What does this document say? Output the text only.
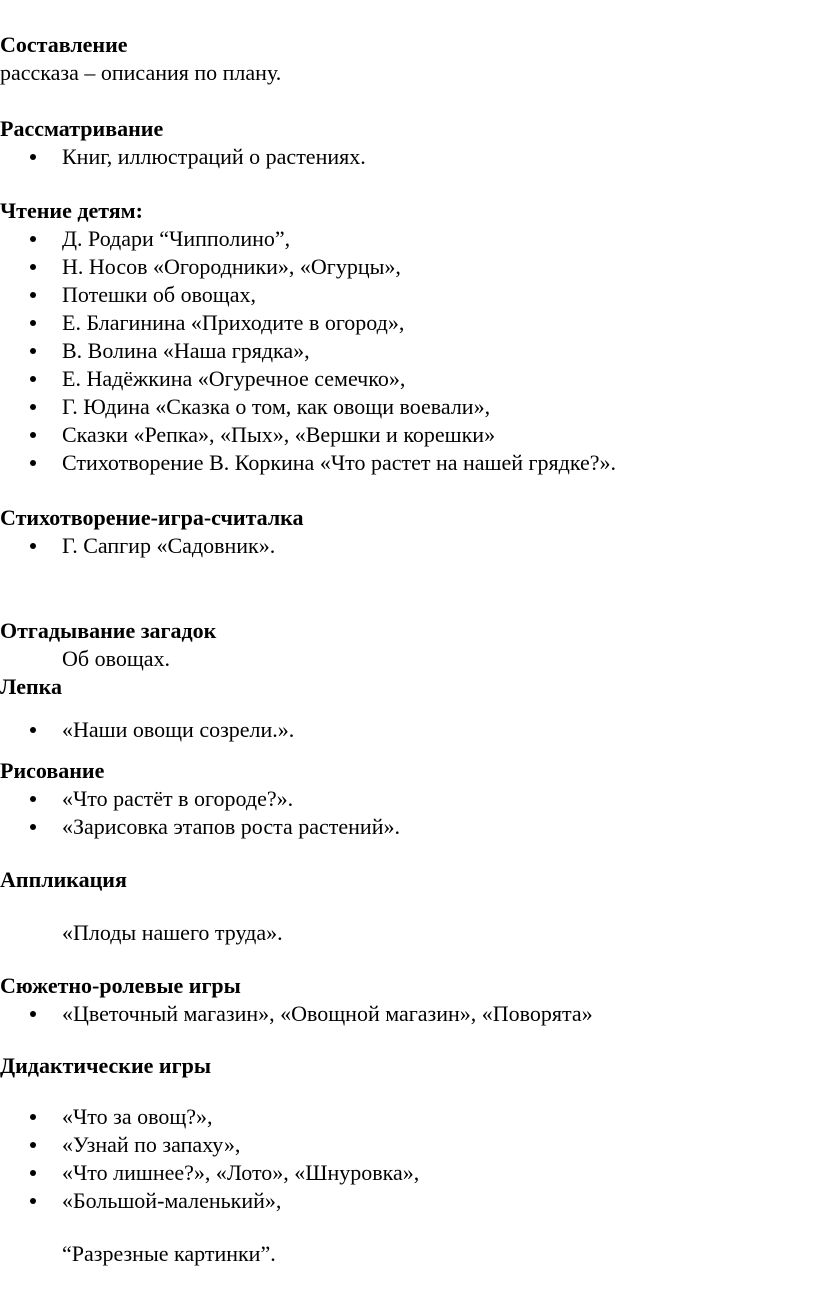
Составление
рассказа – описания по плану.
Рассматривание
Книг, иллюстраций о растениях.
Чтение детям:
Д. Родари “Чипполино”,
Н. Носов «Огородники», «Огурцы»,
Потешки об овощах,
Е. Благинина «Приходите в огород»,
В. Волина «Наша грядка»,
Е. Надёжкина «Огуречное семечко»,
Г. Юдина «Сказка о том, как овощи воевали»,
Сказки «Репка», «Пых», «Вершки и корешки»
Стихотворение В. Коркина «Что растет на нашей грядке?».
Стихотворение-игра-считалка
Г. Сапгир «Садовник».
Отгадывание загадок
Об овощах.
Лепка
«Наши овощи созрели.».
Рисование
«Что растёт в огороде?».
«Зарисовка этапов роста растений».
Аппликация
«Плоды нашего труда».
Сюжетно-ролевые игры
«Цветочный магазин», «Овощной магазин», «Поворята»
Дидактические игры
«Что за овощ?»,
«Узнай по запаху»,
«Что лишнее?», «Лото», «Шнуровка»,
«Большой-маленький»,
“Разрезные картинки”.
